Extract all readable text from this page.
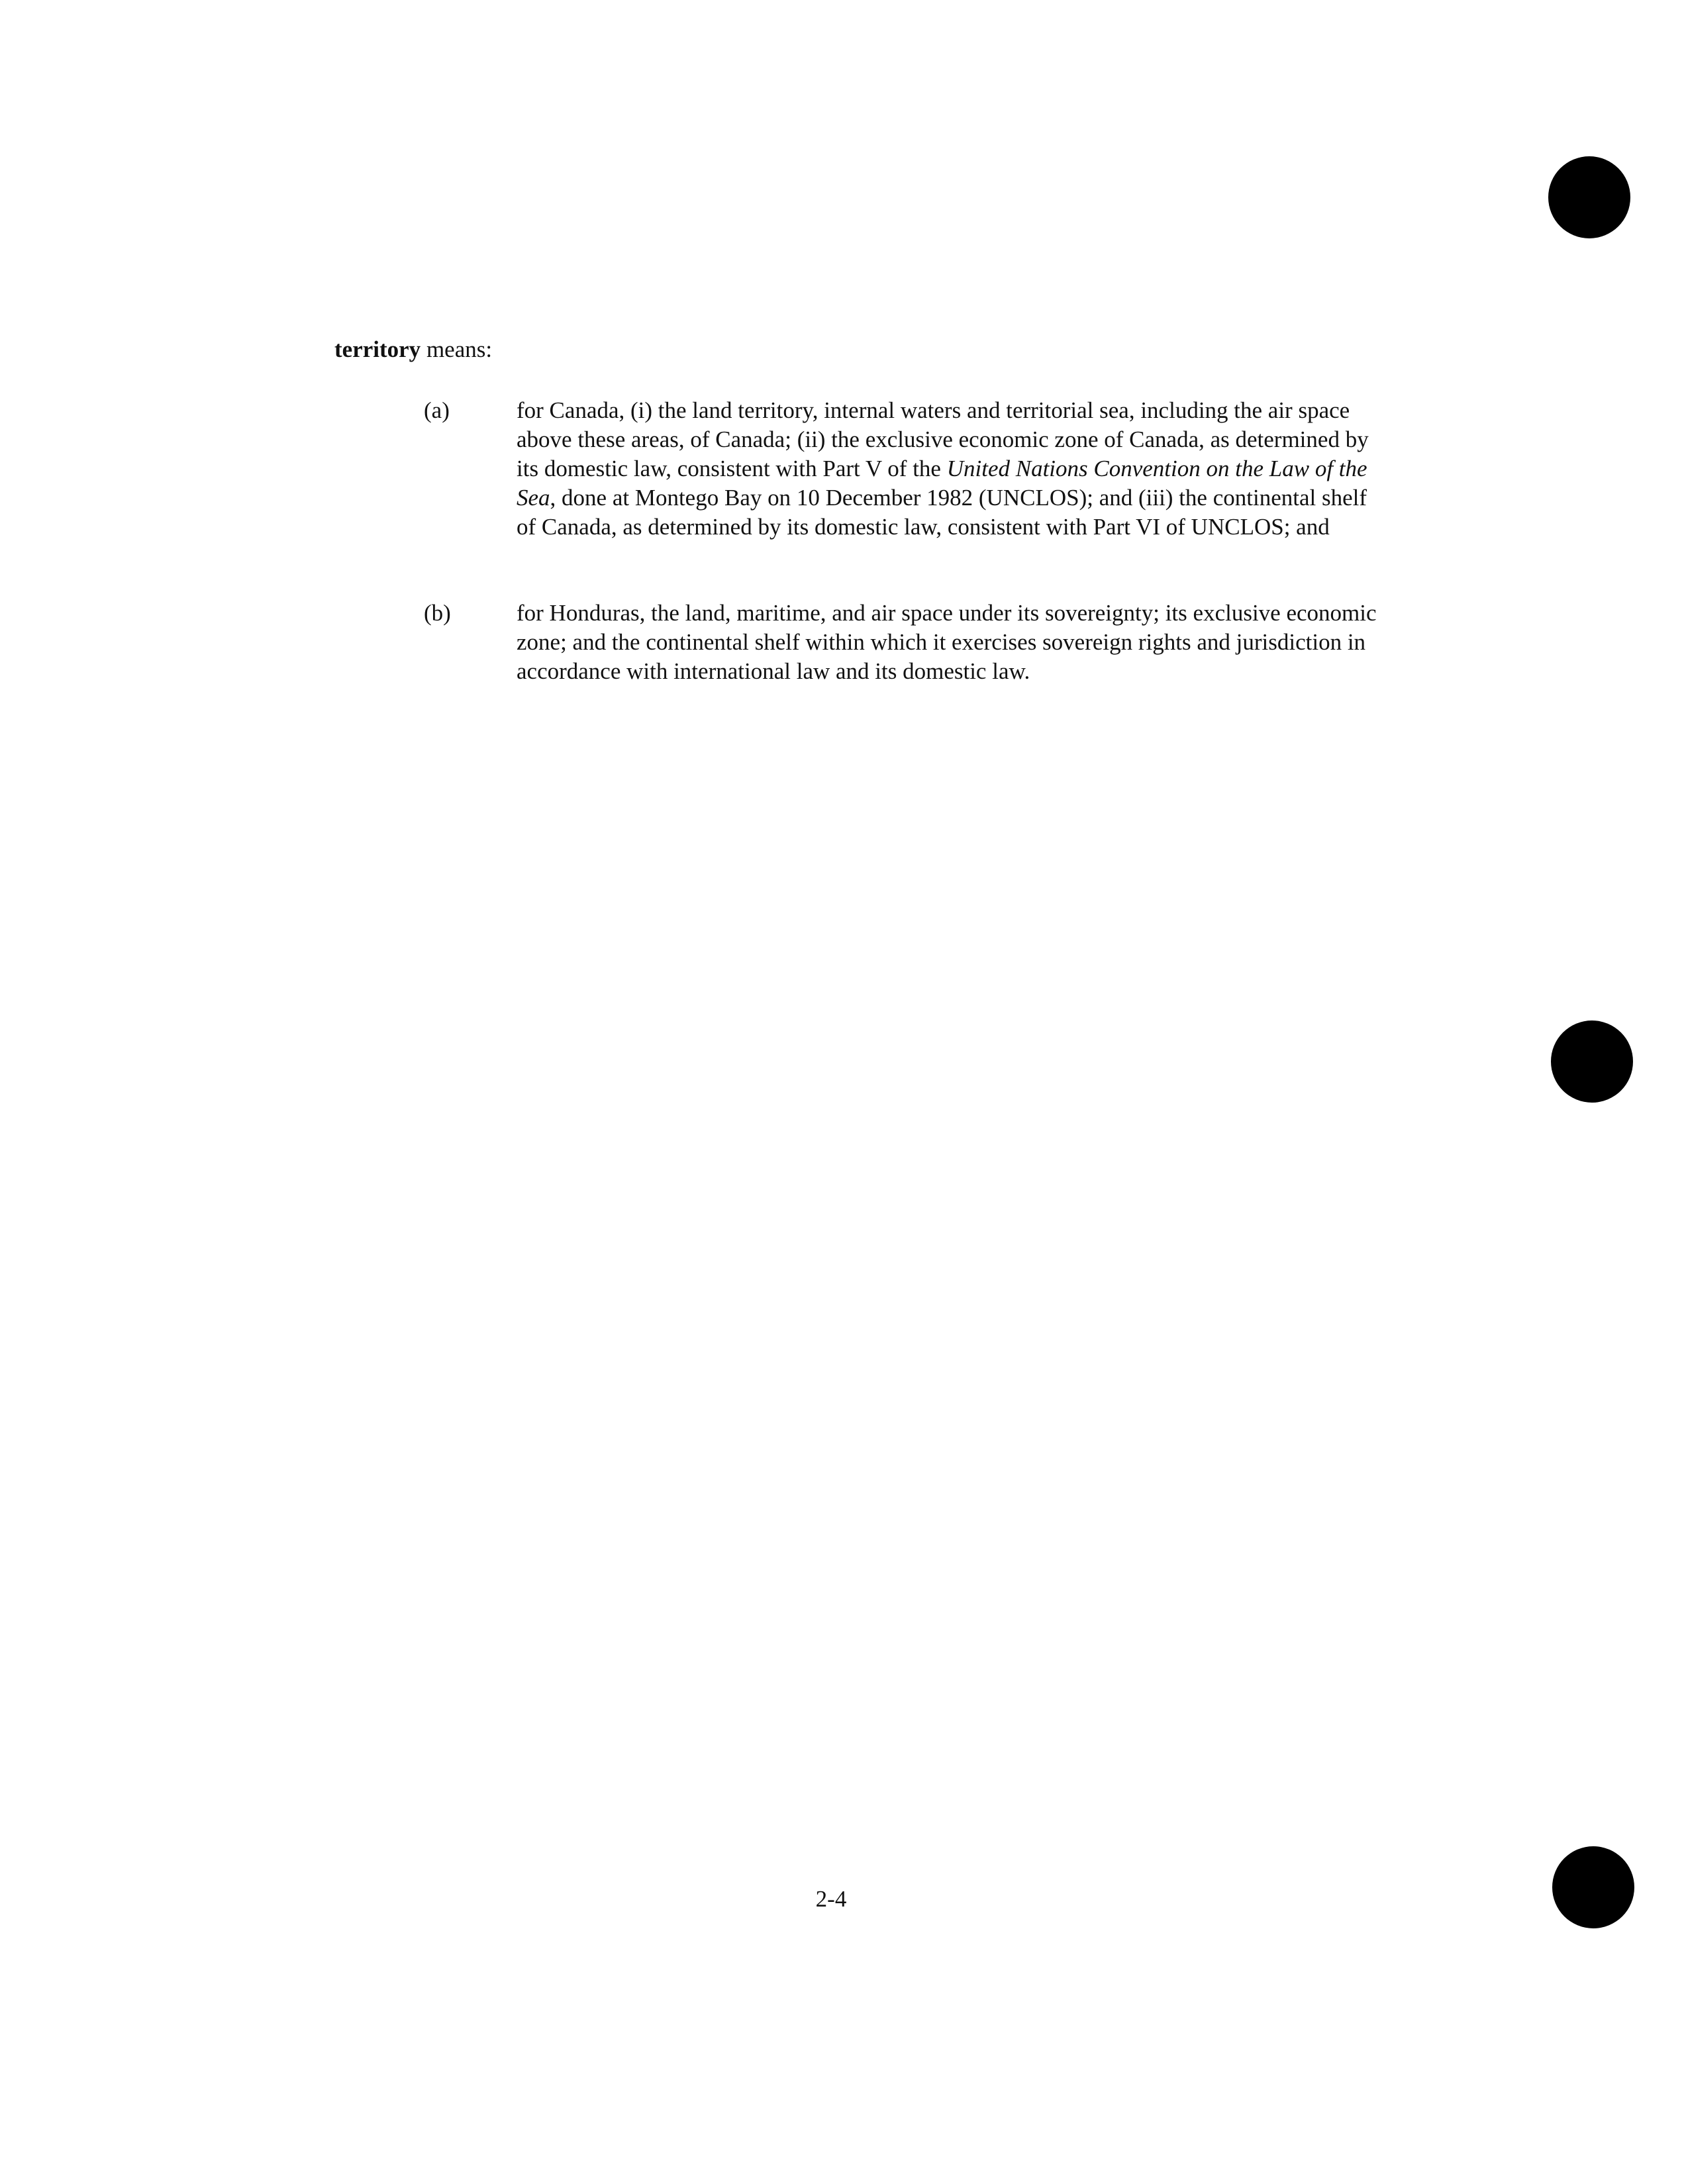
territory means:
(a)	for Canada, (i) the land territory, internal waters and territorial sea, including the air space above these areas, of Canada; (ii) the exclusive economic zone of Canada, as determined by its domestic law, consistent with Part V of the United Nations Convention on the Law of the Sea, done at Montego Bay on 10 December 1982 (UNCLOS); and (iii) the continental shelf of Canada, as determined by its domestic law, consistent with Part VI of UNCLOS; and
(b)	for Honduras, the land, maritime, and air space under its sovereignty; its exclusive economic zone; and the continental shelf within which it exercises sovereign rights and jurisdiction in accordance with international law and its domestic law.
2-4
